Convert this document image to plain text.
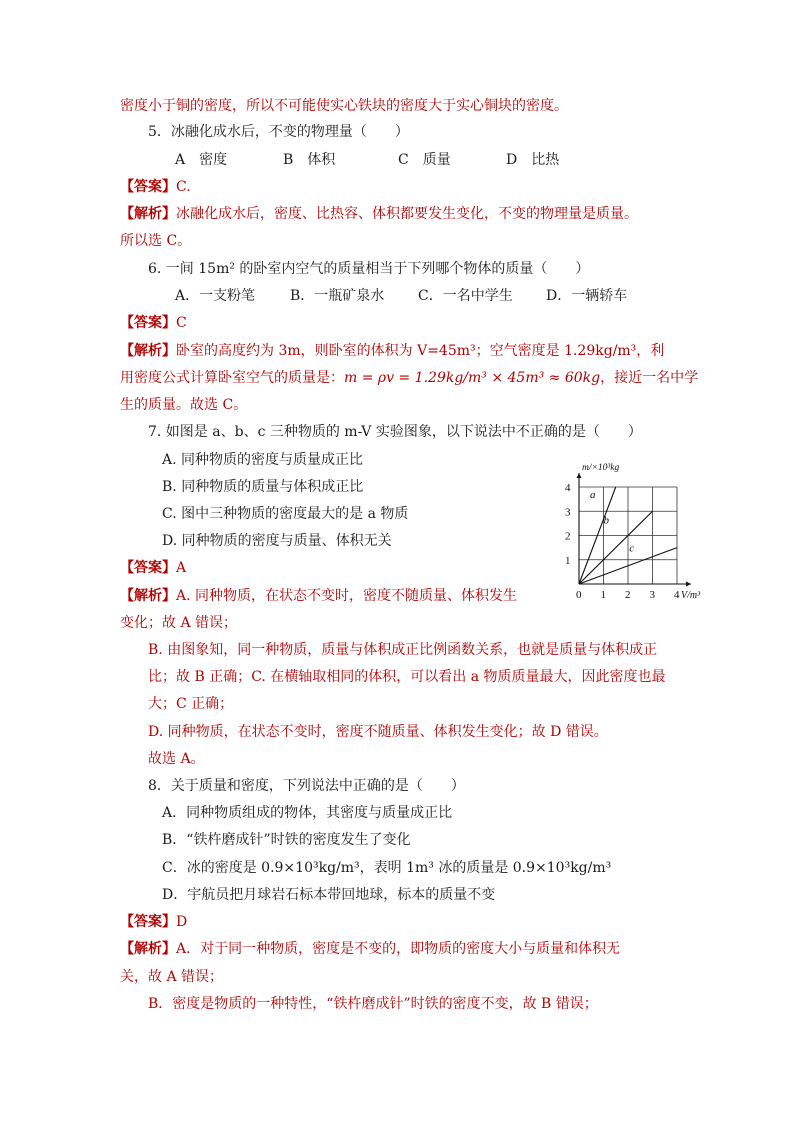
密度小于铜的密度，所以不可能使实心铁块的密度大于实心铜块的密度。
5．冰融化成水后，不变的物理量（　　）
A　密度	B　体积	C　质量	D　比热
【答案】C.
【解析】冰融化成水后，密度、比热容、体积都要发生变化，不变的物理量是质量。
所以选 C。
6. 一间 15m² 的卧室内空气的质量相当于下列哪个物体的质量（　　）
A．一支粉笔 B．一瓶矿泉水 C．一名中学生 D．一辆轿车
【答案】C
【解析】卧室的高度约为 3m，则卧室的体积为 V=45m³；空气密度是 1.29kg/m³，利
用密度公式计算卧室空气的质量是：m = ρv = 1.29kg/m³ × 45m³ ≈ 60kg，接近一名中学
生的质量。故选 C。
7. 如图是 a、b、c 三种物质的 m-V 实验图象，以下说法中不正确的是（　　）
A. 同种物质的密度与质量成正比
B. 同种物质的质量与体积成正比
C. 图中三种物质的密度最大的是 a 物质
D. 同种物质的密度与质量、体积无关
【答案】A
【解析】A. 同种物质，在状态不变时，密度不随质量、体积发生
变化；故 A 错误；
B. 由图象知，同一种物质，质量与体积成正比例函数关系，也就是质量与体积成正
比；故 B 正确；C. 在横轴取相同的体积，可以看出 a 物质质量最大，因此密度也最
大；C 正确；
D. 同种物质，在状态不变时，密度不随质量、体积发生变化；故 D 错误。
故选 A。
0 1 2 3 4
1
2
3
4
m/×10³kg
V/m³
a
b
c
8．关于质量和密度，下列说法中正确的是（　　）
A．同种物质组成的物体，其密度与质量成正比
B．“铁杵磨成针”时铁的密度发生了变化
C．冰的密度是 0.9×10³kg/m³，表明 1m³ 冰的质量是 0.9×10³kg/m³
D．宇航员把月球岩石标本带回地球，标本的质量不变
【答案】D
【解析】A．对于同一种物质，密度是不变的，即物质的密度大小与质量和体积无
关，故 A 错误；
B．密度是物质的一种特性，“铁杵磨成针”时铁的密度不变，故 B 错误；
